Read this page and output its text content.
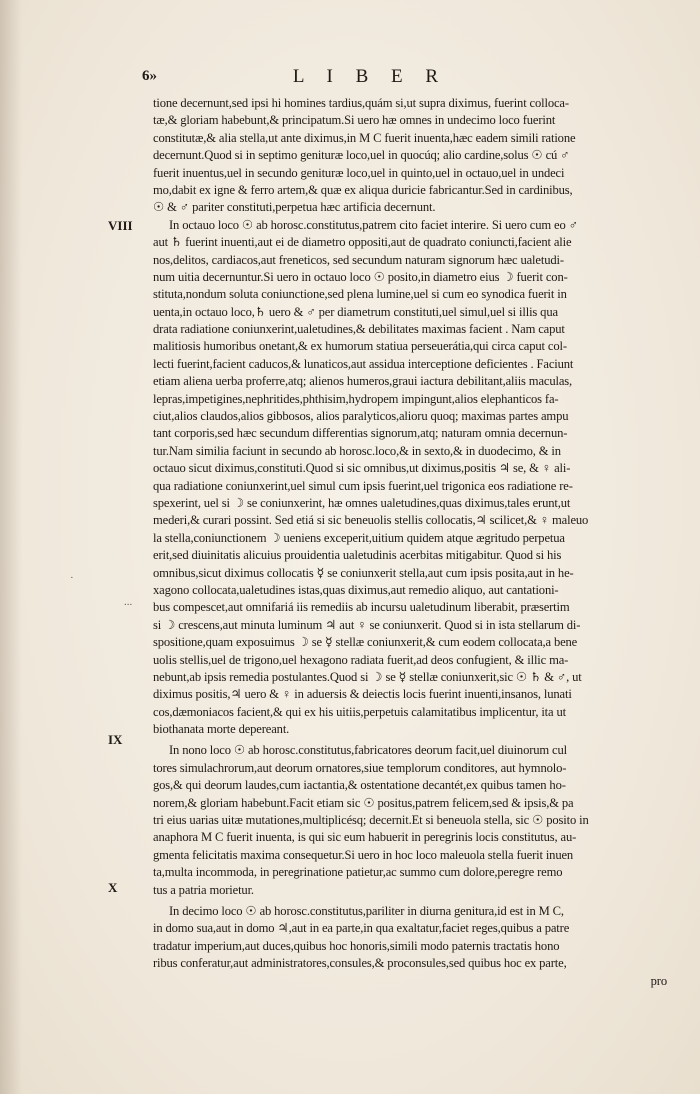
6»	L I B E R
VIII
IX
X
·
...
tione decernunt,sed ipsi hi homines tardius,quám si,ut supra diximus, fuerint colloca-
tæ,& gloriam habebunt,& principatum.Si uero hæ omnes in undecimo loco fuerint
constitutæ,& alia stella,ut ante diximus,in M C fuerit inuenta,hæc eadem simili ratione
decernunt.Quod si in septimo genituræ loco,uel in quocúq; alio cardine,solus ☉ cú ♂
fuerit inuentus,uel in secundo genituræ loco,uel in quinto,uel in octauo,uel in undeci
mo,dabit ex igne & ferro artem,& quæ ex aliqua duricie fabricantur.Sed in cardinibus,
☉ & ♂ pariter constituti,perpetua hæc artificia decernunt.
In octauo loco ☉ ab horosc.constitutus,patrem cito faciet interire. Si uero cum eo ♂
aut ♄ fuerint inuenti,aut ei de diametro oppositi,aut de quadrato coniuncti,facient alie
nos,delitos, cardiacos,aut freneticos, sed secundum naturam signorum hæc ualetudi-
num uitia decernuntur.Si uero in octauo loco ☉ posito,in diametro eius ☽ fuerit con-
stituta,nondum soluta coniunctione,sed plena lumine,uel si cum eo synodica fuerit in
uenta,in octauo loco,♄ uero & ♂ per diametrum constituti,uel simul,uel si illis qua
drata radiatione coniunxerint,ualetudines,& debilitates maximas facient . Nam caput
malitiosis humoribus onetant,& ex humorum statiua perseuerátia,qui circa caput col-
lecti fuerint,facient caducos,& lunaticos,aut assidua interceptione deficientes . Faciunt
etiam aliena uerba proferre,atq; alienos humeros,graui iactura debilitant,aliis maculas,
lepras,impetigines,nephritides,phthisim,hydropem impingunt,alios elephanticos fa-
ciut,alios claudos,alios gibbosos, alios paralyticos,alioru quoq; maximas partes ampu
tant corporis,sed hæc secundum differentias signorum,atq; naturam omnia decernun-
tur.Nam similia faciunt in secundo ab horosc.loco,& in sexto,& in duodecimo, & in
octauo sicut diximus,constituti.Quod si sic omnibus,ut diximus,positis ♃ se, & ♀ ali-
qua radiatione coniunxerint,uel simul cum ipsis fuerint,uel trigonica eos radiatione re-
spexerint, uel si ☽ se coniunxerint, hæ omnes ualetudines,quas diximus,tales erunt,ut
mederi,& curari possint. Sed etiá si sic beneuolis stellis collocatis,♃ scilicet,& ♀ maleuo
la stella,coniunctionem ☽ ueniens exceperit,uitium quidem atque ægritudo perpetua
erit,sed diuinitatis alicuius prouidentia ualetudinis acerbitas mitigabitur. Quod si his
omnibus,sicut diximus collocatis ☿ se coniunxerit stella,aut cum ipsis posita,aut in he-
xagono collocata,ualetudines istas,quas diximus,aut remedio aliquo, aut cantationi-
bus compescet,aut omnifariá iis remediis ab incursu ualetudinum liberabit, præsertim
si ☽ crescens,aut minuta luminum ♃ aut ♀ se coniunxerit. Quod si in ista stellarum di-
spositione,quam exposuimus ☽ se ☿ stellæ coniunxerit,& cum eodem collocata,a bene
uolis stellis,uel de trigono,uel hexagono radiata fuerit,ad deos confugient, & illic ma-
nebunt,ab ipsis remedia postulantes.Quod si ☽ se ☿ stellæ coniunxerit,sic ☉ ♄ & ♂, ut
diximus positis,♃ uero & ♀ in aduersis & deiectis locis fuerint inuenti,insanos, lunati
cos,dæmoniacos facient,& qui ex his uitiis,perpetuis calamitatibus implicentur, ita ut
biothanata morte depereant.
In nono loco ☉ ab horosc.constitutus,fabricatores deorum facit,uel diuinorum cul
tores simulachrorum,aut deorum ornatores,siue templorum conditores, aut hymnolo-
gos,& qui deorum laudes,cum iactantia,& ostentatione decantét,ex quibus tamen ho-
norem,& gloriam habebunt.Facit etiam sic ☉ positus,patrem felicem,sed & ipsis,& pa
tri eius uarias uitæ mutationes,multiplicésq; decernit.Et si beneuola stella, sic ☉ posito in
anaphora M C fuerit inuenta, is qui sic eum habuerit in peregrinis locis constitutus, au-
gmenta felicitatis maxima consequetur.Si uero in hoc loco maleuola stella fuerit inuen
ta,multa incommoda, in peregrinatione patietur,ac summo cum dolore,peregre remo
tus a patria morietur.
In decimo loco ☉ ab horosc.constitutus,pariliter in diurna genitura,id est in M C,
in domo sua,aut in domo ♃,aut in ea parte,in qua exaltatur,faciet reges,quibus a patre
tradatur imperium,aut duces,quibus hoc honoris,simili modo paternis tractatis hono
ribus conferatur,aut administratores,consules,& proconsules,sed quibus hoc ex parte,
pro
